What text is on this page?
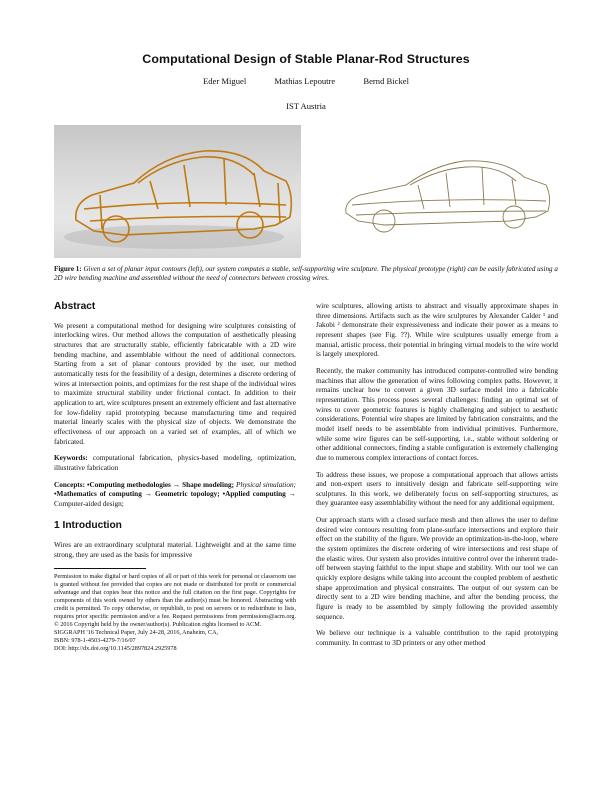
Computational Design of Stable Planar-Rod Structures
Eder Miguel	Mathias Lepoutre	Bernd Bickel
IST Austria
Figure 1: Given a set of planar input contours (left), our system computes a stable, self-supporting wire sculpture. The physical prototype (right) can be easily fabricated using a 2D wire bending machine and assembled without the need of connectors between crossing wires.
Abstract

We present a computational method for designing wire sculptures consisting of interlocking wires. Our method allows the computation of aesthetically pleasing structures that are structurally stable, efficiently fabricatable with a 2D wire bending machine, and assemblable without the need of additional connectors. Starting from a set of planar contours provided by the user, our method automatically tests for the feasibility of a design, determines a discrete ordering of wires at intersection points, and optimizes for the rest shape of the individual wires to maximize structural stability under frictional contact. In addition to their application to art, wire sculptures present an extremely efficient and fast alternative for low-fidelity rapid prototyping because manufacturing time and required material linearly scales with the physical size of objects. We demonstrate the effectiveness of our approach on a varied set of examples, all of which we fabricated.

Keywords: computational fabrication, physics-based modeling, optimization, illustrative fabrication

Concepts: •Computing methodologies → Shape modeling; Physical simulation; •Mathematics of computing → Geometric topology; •Applied computing → Computer-aided design;

1 Introduction

Wires are an extraordinary sculptural material. Lightweight and at the same time strong, they are used as the basis for impressive

Permission to make digital or hard copies of all or part of this work for personal or classroom use is granted without fee provided that copies are not made or distributed for profit or commercial advantage and that copies bear this notice and the full citation on the first page. Copyrights for components of this work owned by others than the author(s) must be honored. Abstracting with credit is permitted. To copy otherwise, or republish, to post on servers or to redistribute to lists, requires prior specific permission and/or a fee. Request permissions from permissions@acm.org. © 2016 Copyright held by the owner/author(s). Publication rights licensed to ACM.
SIGGRAPH '16 Technical Paper, July 24-28, 2016, Anaheim, CA,
ISBN: 978-1-4503-4279-7/16/07
DOI: http://dx.doi.org/10.1145/2897824.2925978

wire sculptures, allowing artists to abstract and visually approximate shapes in three dimensions. Artifacts such as the wire sculptures by Alexander Calder ¹ and Jakobi ² demonstrate their expressiveness and indicate their power as a means to represent shapes (see Fig. ??). While wire sculptures usually emerge from a manual, artistic process, their potential in bringing virtual models to the wire world is largely unexplored.

Recently, the maker community has introduced computer-controlled wire bending machines that allow the generation of wires following complex paths. However, it remains unclear how to convert a given 3D surface model into a fabricable representation. This process poses several challenges: finding an optimal set of wires to cover geometric features is highly challenging and subject to aesthetic considerations. Potential wire shapes are limited by fabrication constraints, and the model itself needs to be assemblable from individual primitives. Furthermore, while some wire figures can be self-supporting, i.e., stable without soldering or other additional connectors, finding a stable configuration is extremely challenging due to numerous complex interactions of contact forces.

To address these issues, we propose a computational approach that allows artists and non-expert users to intuitively design and fabricate self-supporting wire sculptures. In this work, we deliberately focus on self-supporting structures, as they guarantee easy assemblability without the need for any additional equipment.

Our approach starts with a closed surface mesh and then allows the user to define desired wire contours resulting from plane-surface intersections and explore their effect on the stability of the figure. We provide an optimization-in-the-loop, where the system optimizes the discrete ordering of wire intersections and rest shape of the elastic wires. Our system also provides intuitive control over the inherent trade-off between staying faithful to the input shape and stability. With our tool we can quickly explore designs while taking into account the coupled problem of aesthetic shape approximation and physical constraints. The output of our system can be directly sent to a 2D wire bending machine, and after the bending process, the figure is ready to be assembled by simply following the provided assembly sequence.

We believe our technique is a valuable contribution to the rapid prototyping community. In contrast to 3D printers or any other method
